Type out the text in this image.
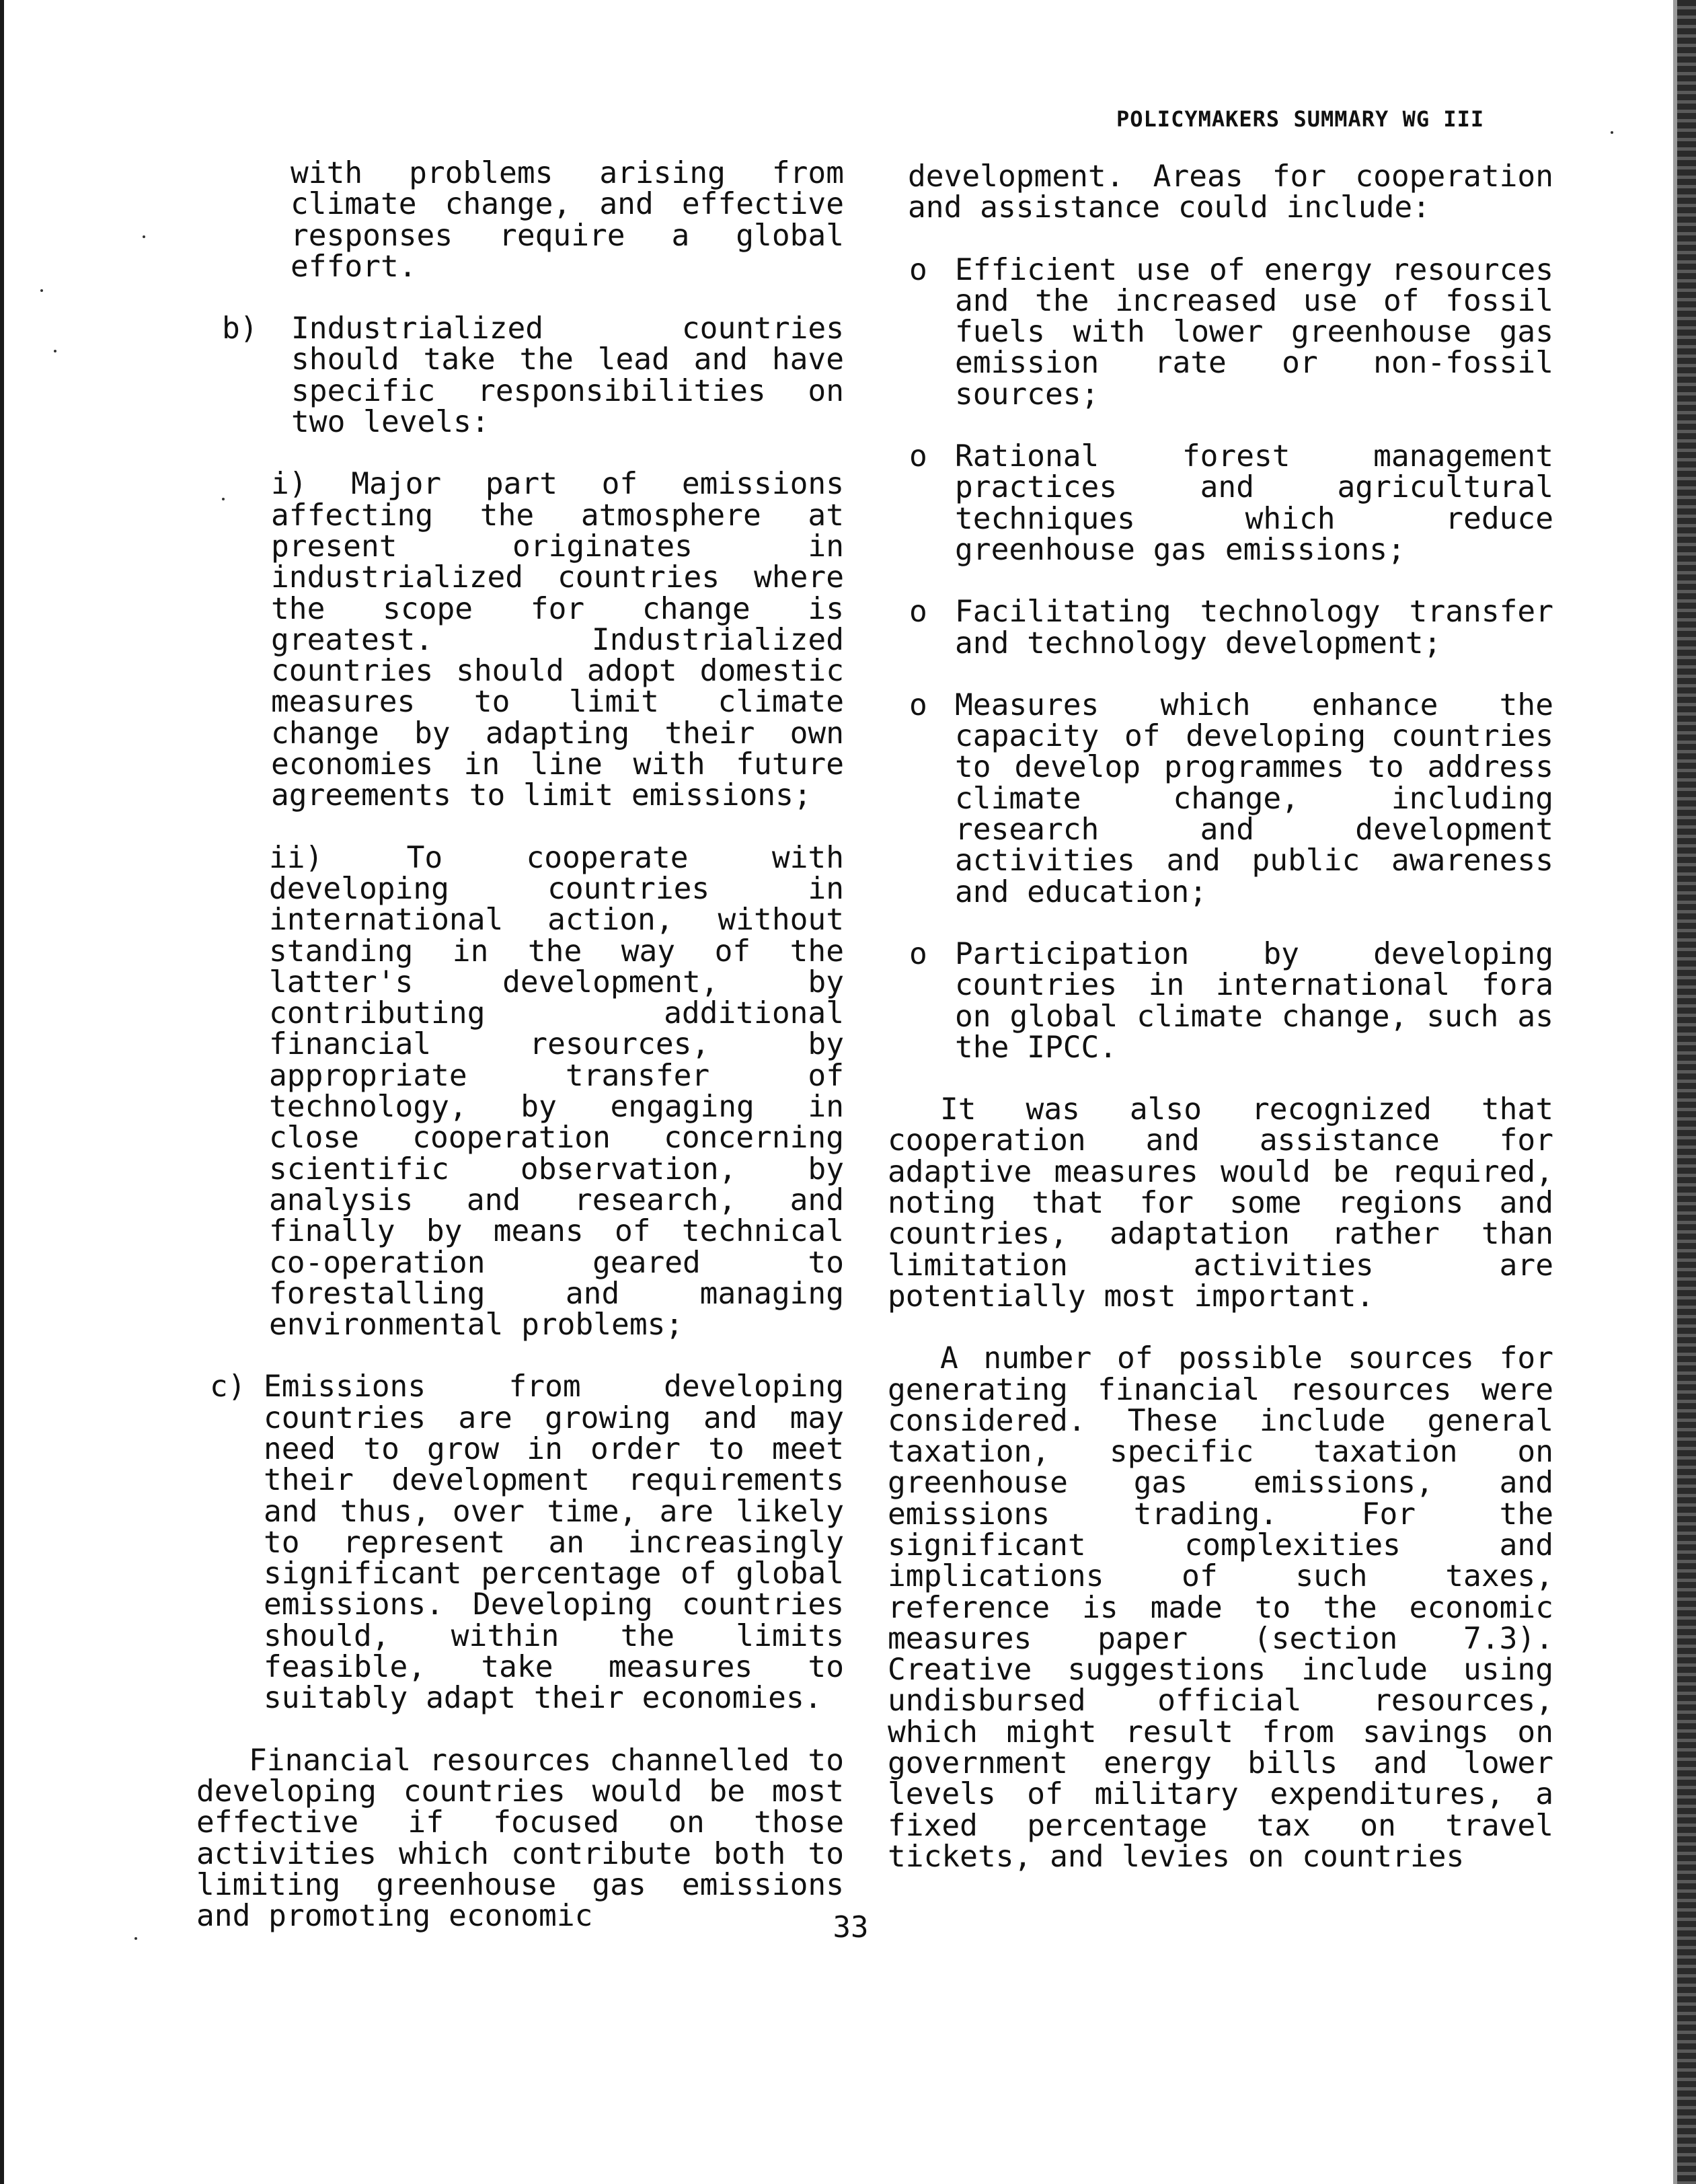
POLICYMAKERS SUMMARY WG III

with problems arising from climate change, and effective responses require a global effort.

b) Industrialized countries should take the lead and have specific responsibilities on two levels:

i) Major part of emissions affecting the atmosphere at present originates in industrialized countries where the scope for change is greatest. Industrialized countries should adopt domestic measures to limit climate change by adapting their own economies in line with future agreements to limit emissions;

ii) To cooperate with developing countries in international action, without standing in the way of the latter's development, by contributing additional financial resources, by appropriate transfer of technology, by engaging in close cooperation concerning scientific observation, by analysis and research, and finally by means of technical co-operation geared to forestalling and managing environmental problems;

c) Emissions from developing countries are growing and may need to grow in order to meet their development requirements and thus, over time, are likely to represent an increasingly significant percentage of global emissions. Developing countries should, within the limits feasible, take measures to suitably adapt their economies.

Financial resources channelled to developing countries would be most effective if focused on those activities which contribute both to limiting greenhouse gas emissions and promoting economic

development. Areas for cooperation and assistance could include:

o Efficient use of energy resources and the increased use of fossil fuels with lower greenhouse gas emission rate or non-fossil sources;

o Rational forest management practices and agricultural techniques which reduce greenhouse gas emissions;

o Facilitating technology transfer and technology development;

o Measures which enhance the capacity of developing countries to develop programmes to address climate change, including research and development activities and public awareness and education;

o Participation by developing countries in international fora on global climate change, such as the IPCC.

It was also recognized that cooperation and assistance for adaptive measures would be required, noting that for some regions and countries, adaptation rather than limitation activities are potentially most important.

A number of possible sources for generating financial resources were considered. These include general taxation, specific taxation on greenhouse gas emissions, and emissions trading. For the significant complexities and implications of such taxes, reference is made to the economic measures paper (section 7.3). Creative suggestions include using undisbursed official resources, which might result from savings on government energy bills and lower levels of military expenditures, a fixed percentage tax on travel tickets, and levies on countries

33
